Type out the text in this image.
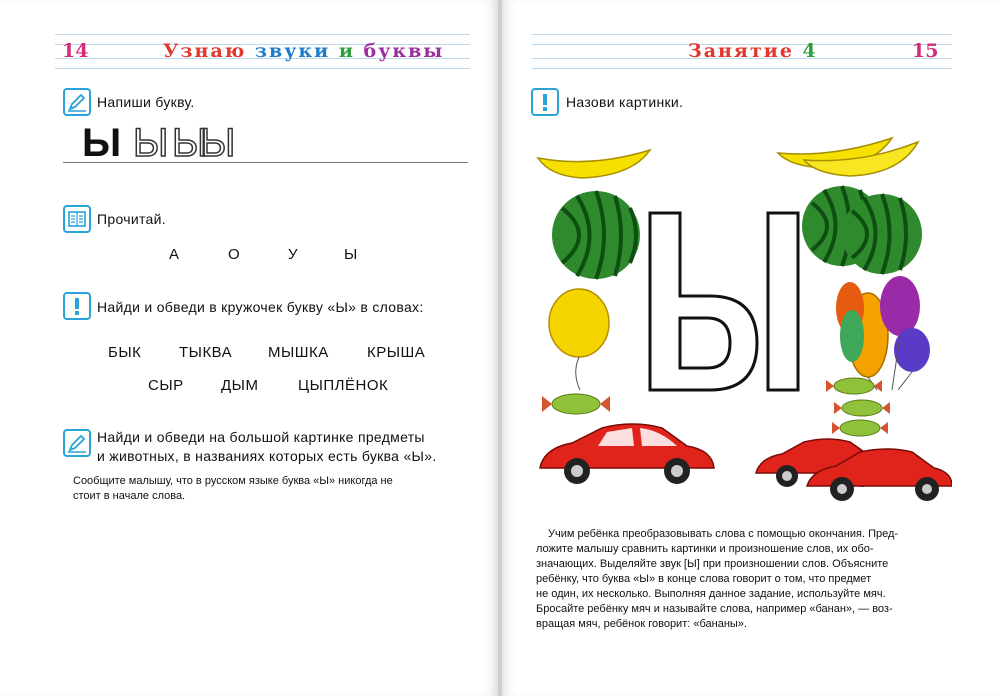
14	Узнаю звуки и буквы
Напиши букву.
Ы Ы Ы
Ы
Прочитай.
А	О	У	Ы
Найди и обведи в кружочек букву «Ы» в словах:
БЫК	ТЫКВА МЫШКА	КРЫША
СЫР ДЫМ	ЦЫПЛЁНОК
Найди и обведи на большой картинке предметы
и животных, в названиях которых есть буква «Ы».
Сообщите малышу, что в русском языке буква «Ы» никогда не
стоит в начале слова.
Занятие 4	15
Назови картинки.
Учим ребёнка преобразовывать слова с помощью окончания. Пред-
ложите малышу сравнить картинки и произношение слов, их обо-
значающих. Выделяйте звук [Ы] при произношении слов. Объясните
ребёнку, что буква «Ы» в конце слова говорит о том, что предмет
не один, их несколько. Выполняя данное задание, используйте мяч.
Бросайте ребёнку мяч и называйте слова, например «банан», — воз-
вращая мяч, ребёнок говорит: «бананы».
